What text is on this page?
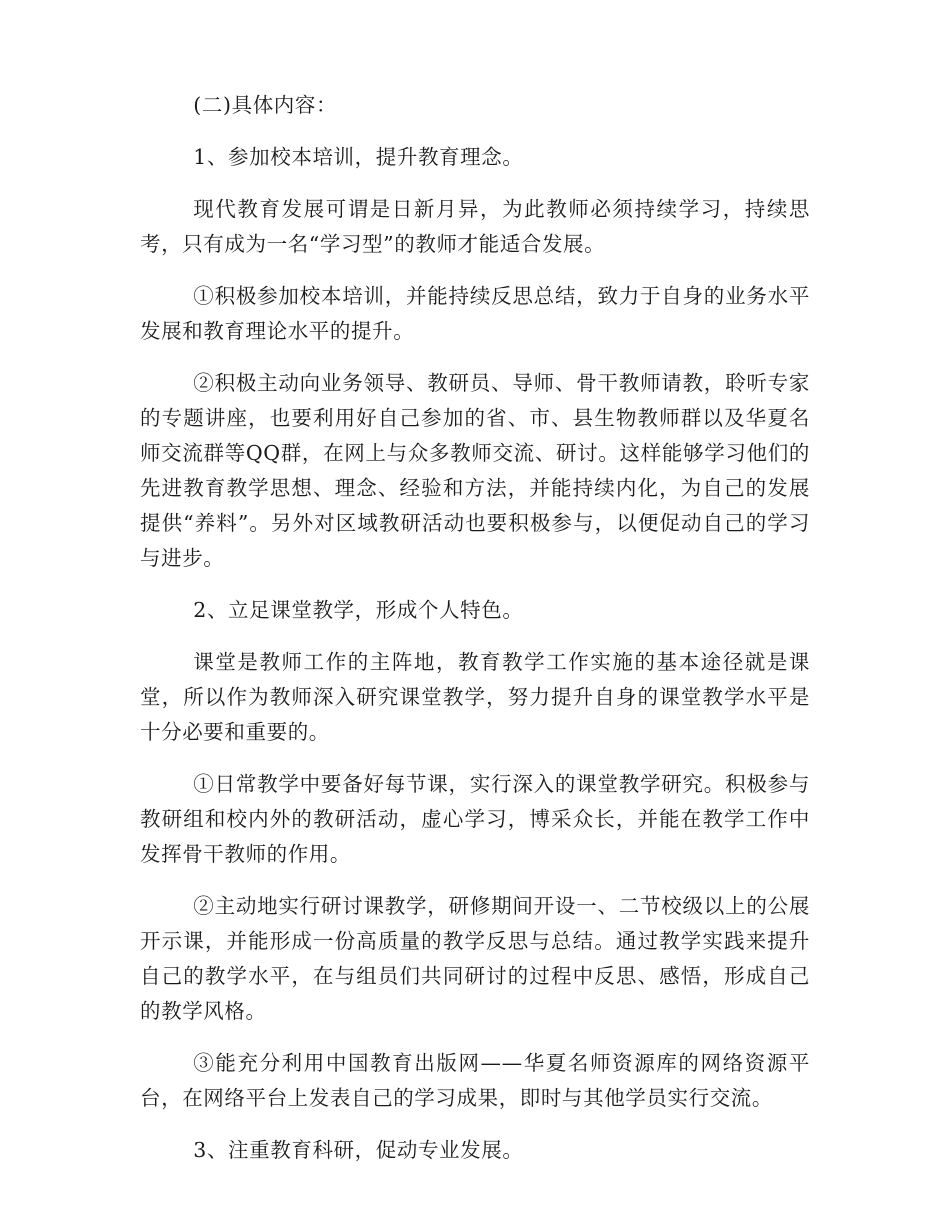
(二)具体内容：

1、参加校本培训，提升教育理念。

现代教育发展可谓是日新月异，为此教师必须持续学习，持续思考，只有成为一名“学习型”的教师才能适合发展。

①积极参加校本培训，并能持续反思总结，致力于自身的业务水平发展和教育理论水平的提升。

②积极主动向业务领导、教研员、导师、骨干教师请教，聆听专家的专题讲座，也要利用好自己参加的省、市、县生物教师群以及华夏名师交流群等QQ群，在网上与众多教师交流、研讨。这样能够学习他们的先进教育教学思想、理念、经验和方法，并能持续内化，为自己的发展提供“养料”。另外对区域教研活动也要积极参与，以便促动自己的学习与进步。

2、立足课堂教学，形成个人特色。

课堂是教师工作的主阵地，教育教学工作实施的基本途径就是课堂，所以作为教师深入研究课堂教学，努力提升自身的课堂教学水平是十分必要和重要的。

①日常教学中要备好每节课，实行深入的课堂教学研究。积极参与教研组和校内外的教研活动，虚心学习，博采众长，并能在教学工作中发挥骨干教师的作用。

②主动地实行研讨课教学，研修期间开设一、二节校级以上的公展开示课，并能形成一份高质量的教学反思与总结。通过教学实践来提升自己的教学水平，在与组员们共同研讨的过程中反思、感悟，形成自己的教学风格。

③能充分利用中国教育出版网——华夏名师资源库的网络资源平台，在网络平台上发表自己的学习成果，即时与其他学员实行交流。

3、注重教育科研，促动专业发展。
